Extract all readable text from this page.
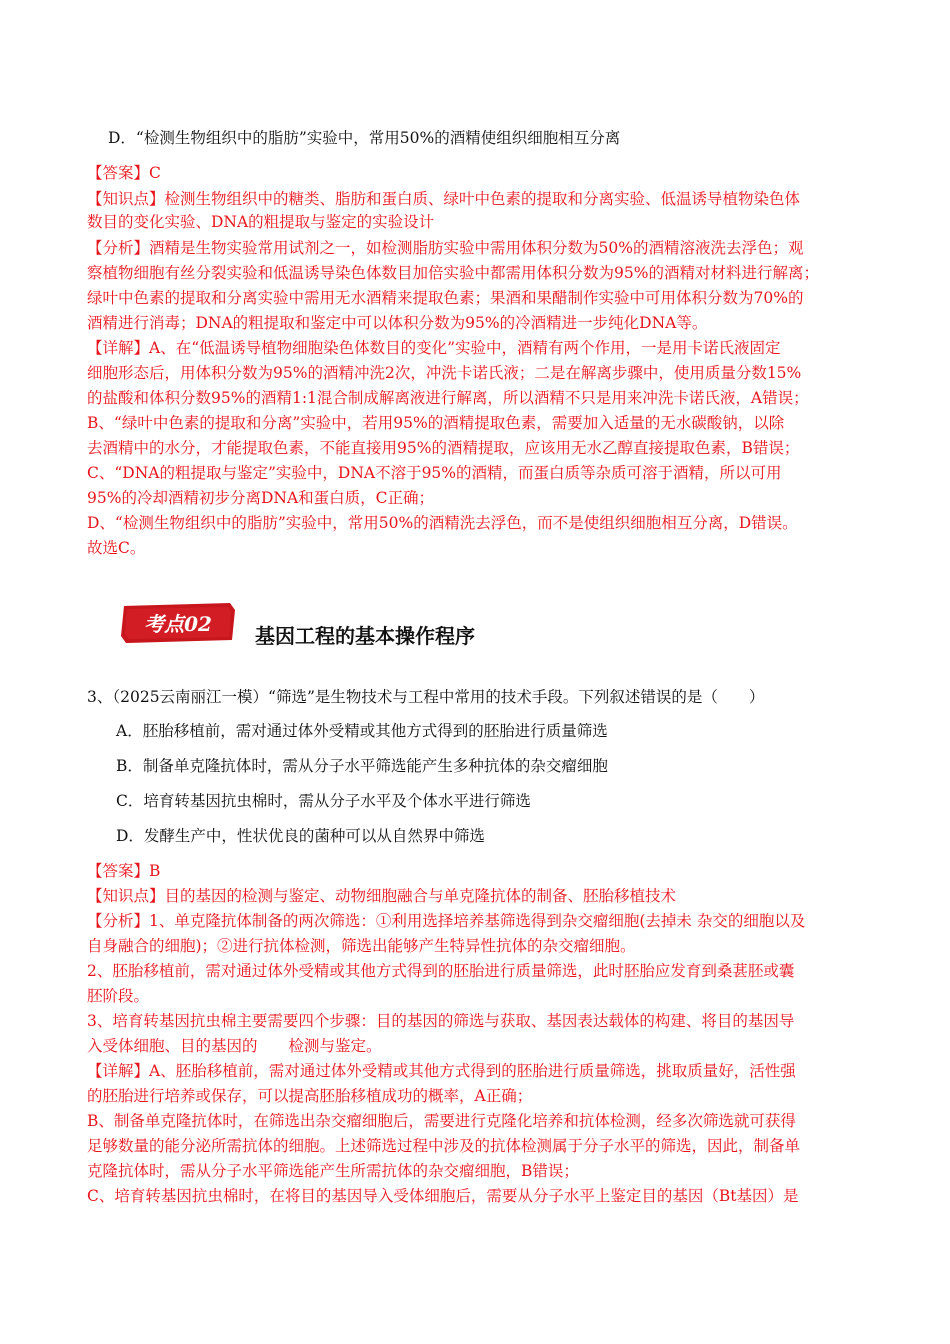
D．“检测生物组织中的脂肪”实验中，常用50%的酒精使组织细胞相互分离
【答案】C
【知识点】检测生物组织中的糖类、脂肪和蛋白质、绿叶中色素的提取和分离实验、低温诱导植物染色体
数目的变化实验、DNA的粗提取与鉴定的实验设计
【分析】酒精是生物实验常用试剂之一，如检测脂肪实验中需用体积分数为50%的酒精溶液洗去浮色；观
察植物细胞有丝分裂实验和低温诱导染色体数目加倍实验中都需用体积分数为95%的酒精对材料进行解离；
绿叶中色素的提取和分离实验中需用无水酒精来提取色素；果酒和果醋制作实验中可用体积分数为70%的
酒精进行消毒；DNA的粗提取和鉴定中可以体积分数为95%的冷酒精进一步纯化DNA等。
【详解】A、在“低温诱导植物细胞染色体数目的变化”实验中，酒精有两个作用，一是用卡诺氏液固定
细胞形态后，用体积分数为95%的酒精冲洗2次，冲洗卡诺氏液；二是在解离步骤中，使用质量分数15%
的盐酸和体积分数95%的酒精1:1混合制成解离液进行解离，所以酒精不只是用来冲洗卡诺氏液，A错误；
B、“绿叶中色素的提取和分离”实验中，若用95%的酒精提取色素，需要加入适量的无水碳酸钠，以除
去酒精中的水分，才能提取色素，不能直接用95%的酒精提取，应该用无水乙醇直接提取色素，B错误；
C、“DNA的粗提取与鉴定”实验中，DNA不溶于95%的酒精，而蛋白质等杂质可溶于酒精，所以可用
95%的冷却酒精初步分离DNA和蛋白质，C正确；
D、“检测生物组织中的脂肪”实验中，常用50%的酒精洗去浮色，而不是使组织细胞相互分离，D错误。
故选C。
考点02 基因工程的基本操作程序
3、（2025云南丽江一模）“筛选”是生物技术与工程中常用的技术手段。下列叙述错误的是（　　）
A．胚胎移植前，需对通过体外受精或其他方式得到的胚胎进行质量筛选
B．制备单克隆抗体时，需从分子水平筛选能产生多种抗体的杂交瘤细胞
C．培育转基因抗虫棉时，需从分子水平及个体水平进行筛选
D．发酵生产中，性状优良的菌种可以从自然界中筛选
【答案】B
【知识点】目的基因的检测与鉴定、动物细胞融合与单克隆抗体的制备、胚胎移植技术
【分析】1、单克隆抗体制备的两次筛选：①利用选择培养基筛选得到杂交瘤细胞(去掉未 杂交的细胞以及
自身融合的细胞)；②进行抗体检测，筛选出能够产生特异性抗体的杂交瘤细胞。
2、胚胎移植前，需对通过体外受精或其他方式得到的胚胎进行质量筛选，此时胚胎应发育到桑葚胚或囊
胚阶段。
3、培育转基因抗虫棉主要需要四个步骤：目的基因的筛选与获取、基因表达载体的构建、将目的基因导
入受体细胞、目的基因的　　检测与鉴定。
【详解】A、胚胎移植前，需对通过体外受精或其他方式得到的胚胎进行质量筛选，挑取质量好，活性强
的胚胎进行培养或保存，可以提高胚胎移植成功的概率，A正确；
B、制备单克隆抗体时，在筛选出杂交瘤细胞后，需要进行克隆化培养和抗体检测，经多次筛选就可获得
足够数量的能分泌所需抗体的细胞。上述筛选过程中涉及的抗体检测属于分子水平的筛选，因此，制备单
克隆抗体时，需从分子水平筛选能产生所需抗体的杂交瘤细胞，B错误；
C、培育转基因抗虫棉时，在将目的基因导入受体细胞后，需要从分子水平上鉴定目的基因（Bt基因）是
